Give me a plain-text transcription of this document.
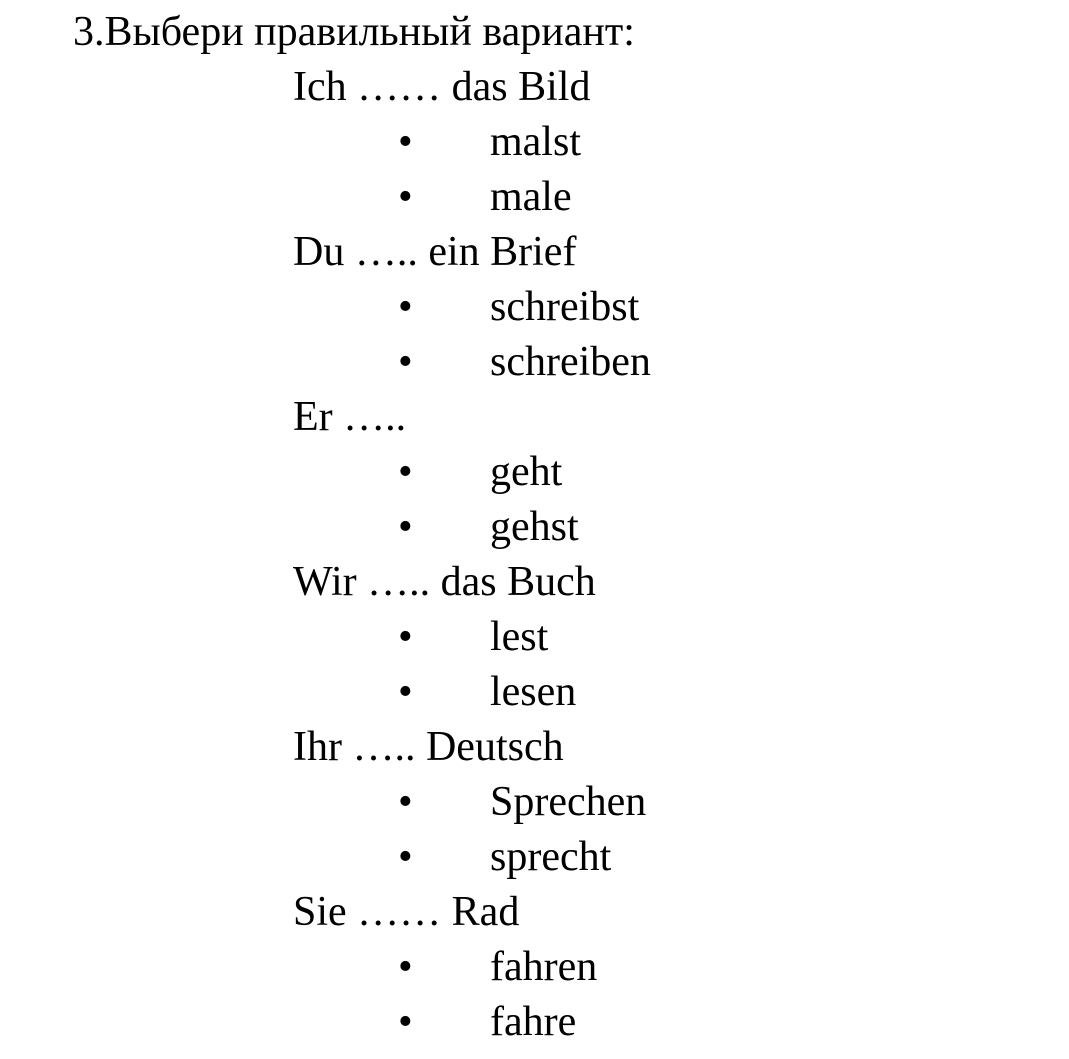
3.Выбери правильный вариант:
Ich …… das Bild
• malst
• male
Du ….. ein Brief
• schreibst
• schreiben
Er …..
• geht
• gehst
Wir ….. das Buch
• lest
• lesen
Ihr ….. Deutsch
• Sprechen
• sprecht
Sie …… Rad
• fahren
• fahre
